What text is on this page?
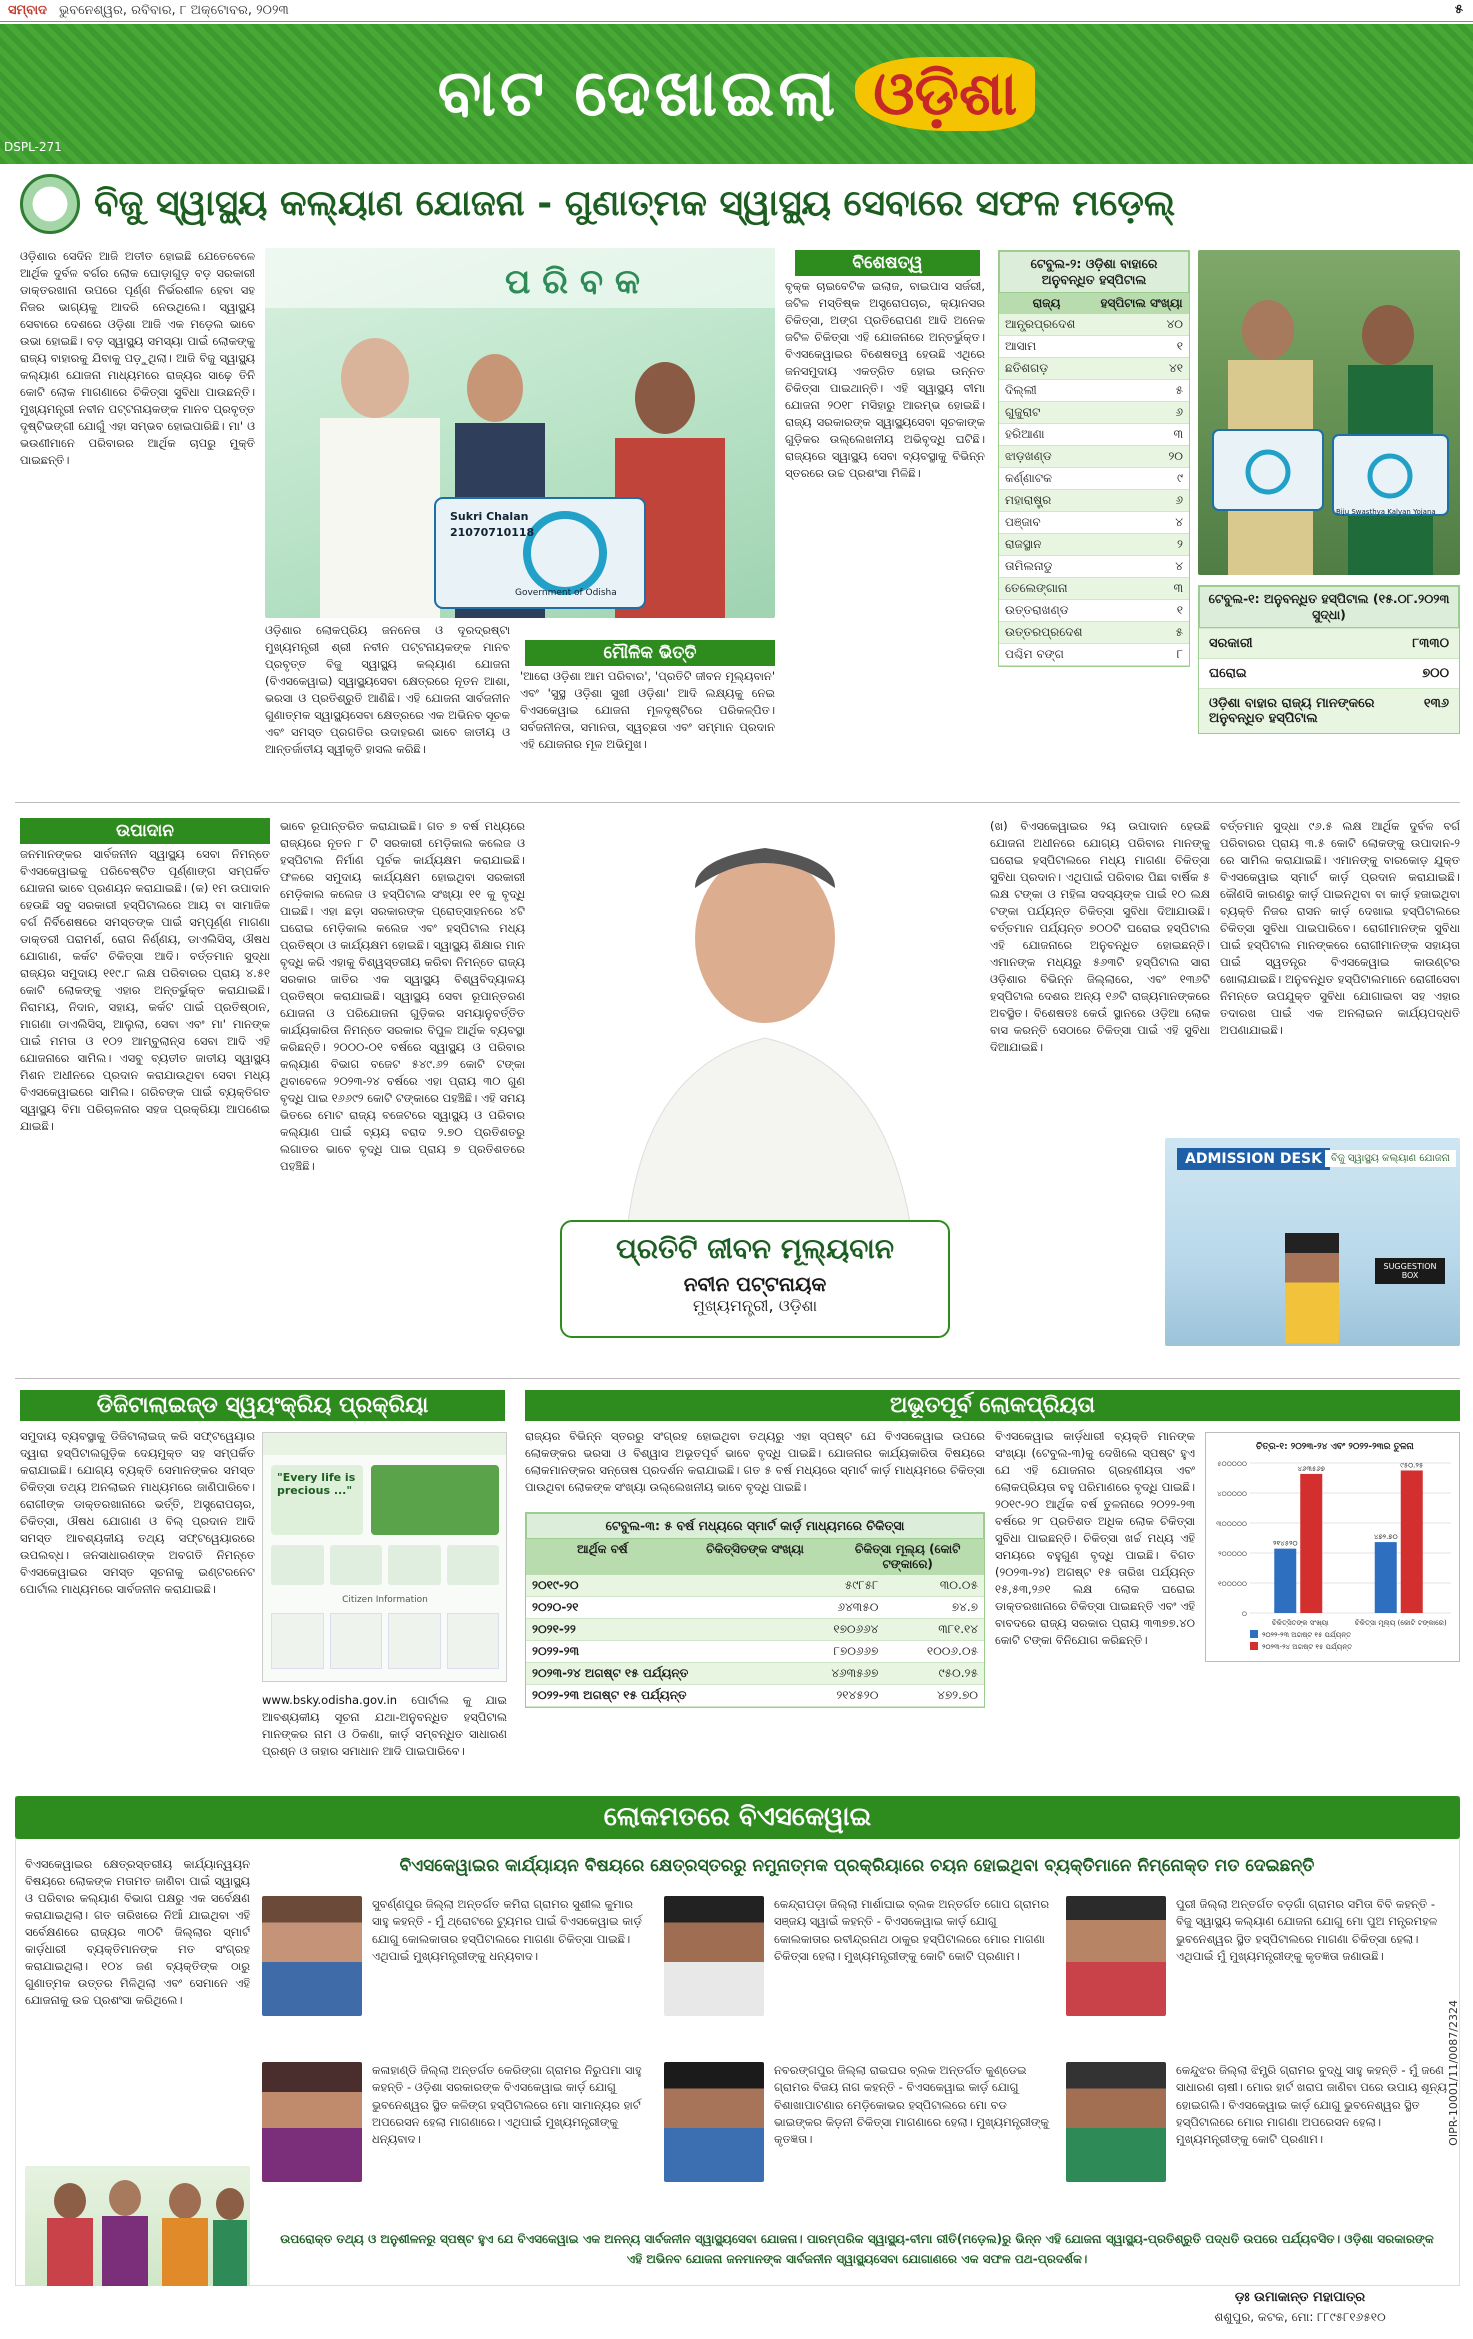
ସମ୍ବାଦ ଭୁବନେଶ୍ୱର, ରବିବାର, ୮ ଅକ୍ଟୋବର, ୨୦୨୩	୫
ବାଟ ଦେଖାଇଲା ଓଡ଼ିଶା
DSPL-271
ବିଜୁ ସ୍ୱାସ୍ଥ୍ୟ କଲ୍ୟାଣ ଯୋଜନା - ଗୁଣାତ୍ମକ ସ୍ୱାସ୍ଥ୍ୟ ସେବାରେ ସଫଳ ମଡ଼େଲ୍
ଓଡ଼ିଶାର ସେଦିନ ଆଜି ଅତୀତ ହୋଇଛି ଯେତେବେଳେ ଆର୍ଥିକ ଦୁର୍ବଳ ବର୍ଗର ଲୋକ ଘୋଡ଼ାଗୁଡ଼ ବଡ଼ ସରକାରୀ ଡାକ୍ତରଖାନା ଉପରେ ପୂର୍ଣ୍ଣ ନିର୍ଭରଶୀଳ ହେବା ସହ ନିଜର ଭାଗ୍ୟକୁ ଆଦରି ନେଉଥିଲେ। ସ୍ୱାସ୍ଥ୍ୟ ସେବାରେ ଦେଶରେ ଓଡ଼ିଶା ଆଜି ଏକ ମଡ଼େଲ ଭାବେ ଉଭା ହୋଇଛି। ବଡ଼ ସ୍ୱାସ୍ଥ୍ୟ ସମସ୍ୟା ପାଇଁ ଲୋକଙ୍କୁ ରାଜ୍ୟ ବାହାରକୁ ଯିବାକୁ ପଡ଼ୁଥିଲା। ଆଜି ବିଜୁ ସ୍ୱାସ୍ଥ୍ୟ କଲ୍ୟାଣ ଯୋଜନା ମାଧ୍ୟମରେ ରାଜ୍ୟର ସାଢ଼େ ତିନି କୋଟି ଲୋକ ମାଗଣାରେ ଚିକିତ୍ସା ସୁବିଧା ପାଉଛନ୍ତି। ମୁଖ୍ୟମନ୍ତ୍ରୀ ନବୀନ ପଟ୍ଟନାୟକଙ୍କ ମାନବ ପ୍ରବୃତ୍ତ ଦୃଷ୍ଟିଭଙ୍ଗୀ ଯୋଗୁଁ ଏହା ସମ୍ଭବ ହୋଇପାରିଛି। ମା' ଓ ଭଉଣୀମାନେ ପରିବାରର ଆର୍ଥିକ ଚାପରୁ ମୁକ୍ତି ପାଇଛନ୍ତି।
ପ ରି ବ କ
Sukri Chalan
21070710118
Government of Odisha
ଓଡ଼ିଶାର ଲୋକପ୍ରିୟ ଜନନେତା ଓ ଦୂରଦ୍ରଷ୍ଟା ମୁଖ୍ୟମନ୍ତ୍ରୀ ଶ୍ରୀ ନବୀନ ପଟ୍ଟନାୟକଙ୍କ ମାନବ ପ୍ରବୃତ୍ତ ବିଜୁ ସ୍ୱାସ୍ଥ୍ୟ କଲ୍ୟାଣ ଯୋଜନା (ବିଏସକେୱାଇ) ସ୍ୱାସ୍ଥ୍ୟସେବା କ୍ଷେତ୍ରରେ ନୂତନ ଆଶା, ଭରସା ଓ ପ୍ରତିଶ୍ରୁତି ଆଣିଛି। ଏହି ଯୋଜନା ସାର୍ବଜନୀନ ଗୁଣାତ୍ମକ ସ୍ୱାସ୍ଥ୍ୟସେବା କ୍ଷେତ୍ରରେ ଏକ ଅଭିନବ ସୂଚକ ଏବଂ ସମସ୍ତ ପ୍ରଗତିର ଉଦାହରଣ ଭାବେ ଜାତୀୟ ଓ ଆନ୍ତର୍ଜାତୀୟ ସ୍ୱୀକୃତି ହାସଲ କରିଛି।
ମୌଳିକ ଭିତ୍ତି
'ଆରୋ ଓଡ଼ିଶା ଆମ ପରିବାର', 'ପ୍ରତିଟି ଜୀବନ ମୂଲ୍ୟବାନ' ଏବଂ 'ସୁସ୍ଥ ଓଡ଼ିଶା ସୁଖୀ ଓଡ଼ିଶା' ଆଦି ଲକ୍ଷ୍ୟକୁ ନେଇ ବିଏସକେୱାଇ ଯୋଜନା ମୂଳଦୃଷ୍ଟିରେ ପରିକଳ୍ପିତ। ସର୍ବଜନୀନତା, ସମାନତା, ସ୍ୱଚ୍ଛତା ଏବଂ ସମ୍ମାନ ପ୍ରଦାନ ଏହି ଯୋଜନାର ମୂଳ ଅଭିମୁଖ।
ବିଶେଷତ୍ୱ
ବୃକ୍କ ଚାଇବେଟିକ ଇଲାଜ, ବାଇପାସ ସର୍ଜରୀ, ଜଟିଳ ମସ୍ତିଷ୍କ ଅସ୍ତ୍ରୋପଚାର, କ୍ୟାନସର ଚିକିତ୍ସା, ଅଙ୍ଗ ପ୍ରତିରୋପଣ ଆଦି ଅନେକ ଜଟିଳ ଚିକିତ୍ସା ଏହି ଯୋଜନାରେ ଅନ୍ତର୍ଭୁକ୍ତ। ବିଏସକେୱାଇର ବିଶେଷତ୍ୱ ହେଉଛି ଏଥିରେ ଜନସମୁଦାୟ ଏକତ୍ରିତ ହୋଇ ଉନ୍ନତ ଚିକିତ୍ସା ପାଇଥାନ୍ତି। ଏହି ସ୍ୱାସ୍ଥ୍ୟ ବୀମା ଯୋଜନା ୨୦୧୮ ମସିହାରୁ ଆରମ୍ଭ ହୋଇଛି। ରାଜ୍ୟ ସରକାରଙ୍କ ସ୍ୱାସ୍ଥ୍ୟସେବା ସୂଚକାଙ୍କ ଗୁଡ଼ିକର ଉଲ୍ଲେଖନୀୟ ଅଭିବୃଦ୍ଧି ଘଟିଛି। ରାଜ୍ୟରେ ସ୍ୱାସ୍ଥ୍ୟ ସେବା ବ୍ୟବସ୍ଥାକୁ ବିଭିନ୍ନ ସ୍ତରରେ ଉଚ୍ଚ ପ୍ରଶଂସା ମିଳିଛି।
ଟେବୁଲ-୨: ଓଡ଼ିଶା ବାହାରେ ଅନୁବନ୍ଧିତ ହସ୍ପିଟାଲ
ରାଜ୍ୟ	ହସ୍ପିଟାଲ ସଂଖ୍ୟା
ଆନ୍ଧ୍ରପ୍ରଦେଶ	୪୦
ଆସାମ	୧
ଛତିଶଗଡ଼	୪୧
ଦିଲ୍ଲୀ	୫
ଗୁଜୁରାଟ	୬
ହରିଆଣା	୩
ଝାଡ଼ଖଣ୍ଡ	୨୦
କର୍ଣ୍ଣାଟକ	୯
ମହାରାଷ୍ଟ୍ର	୬
ପଞ୍ଜାବ	୪
ରାଜସ୍ଥାନ	୨
ତାମିଲନାଡୁ	୪
ତେଲେଙ୍ଗାନା	୩
ଉତ୍ତରାଖଣ୍ଡ	୧
ଉତ୍ତରପ୍ରଦେଶ	୫
ପଶ୍ଚିମ ବଙ୍ଗ	୮
Biju Swasthya Kalyan Yojana
ଟେବୁଲ-୧: ଅନୁବନ୍ଧିତ ହସ୍ପିଟାଲ (୧୫.୦୮.୨୦୨୩ ସୁଦ୍ଧା)
ସରକାରୀ	୮୩୩୦
ଘରୋଇ	୭୦୦
ଓଡ଼ିଶା ବାହାର ରାଜ୍ୟ ମାନଙ୍କରେ ଅନୁବନ୍ଧିତ ହସ୍ପିଟାଲ
୧୩୬
ଉପାଦାନ
ଜନମାନଙ୍କର ସାର୍ବଜନୀନ ସ୍ୱାସ୍ଥ୍ୟ ସେବା ନିମନ୍ତେ ବିଏସକେୱାଇକୁ ପରିବେଷ୍ଟିତ ପୂର୍ଣ୍ଣାଙ୍ଗ ସମ୍ପର୍କିତ ଯୋଜନା ଭାବେ ପ୍ରଣୟନ କରାଯାଇଛି। (କ) ୧ମ ଉପାଦାନ ହେଉଛି ସବୁ ସରକାରୀ ହସ୍ପିଟାଲରେ ଆୟ ବା ସାମାଜିକ ବର୍ଗ ନିର୍ବିଶେଷରେ ସମସ୍ତଙ୍କ ପାଇଁ ସମ୍ପୂର୍ଣ୍ଣ ମାଗଣା ଡାକ୍ତରୀ ପରାମର୍ଶ, ରୋଗ ନିର୍ଣ୍ଣୟ, ଡାଏଲିସିସ୍, ଔଷଧ ଯୋଗାଣ, କର୍କଟ ଚିକିତ୍ସା ଆଦି। ବର୍ତ୍ତମାନ ସୁଦ୍ଧା ରାଜ୍ୟର ସମୁଦାୟ ୧୧୯.୮ ଲକ୍ଷ ପରିବାରର ପ୍ରାୟ ୪.୫୧ କୋଟି ଲୋକଙ୍କୁ ଏହାର ଅନ୍ତର୍ଭୁକ୍ତ କରାଯାଇଛି। ନିରାମୟ, ନିଦାନ, ସହାୟ, କର୍କଟ ପାଇଁ ପ୍ରତିଷ୍ଠାନ, ମାଗଣା ଡାଏଲିସିସ୍, ଆଲୁଲା, ସେବା ଏବଂ ମା' ମାନଙ୍କ ପାଇଁ ମମତା ଓ ୧୦୨ ଆମ୍ବୁଲାନ୍ସ ସେବା ଆଦି ଏହି ଯୋଜନାରେ ସାମିଲ। ଏସବୁ ବ୍ୟତୀତ ଜାତୀୟ ସ୍ୱାସ୍ଥ୍ୟ ମିଶନ ଅଧୀନରେ ପ୍ରଦାନ କରାଯାଉଥିବା ସେବା ମଧ୍ୟ ବିଏସକେୱାଇରେ ସାମିଲ। ଗରିବଙ୍କ ପାଇଁ ବ୍ୟକ୍ତିଗତ ସ୍ୱାସ୍ଥ୍ୟ ବିମା ପରିଚାଳନାର ସହଜ ପ୍ରକ୍ରିୟା ଆପଣେଇ ଯାଇଛି।
ଭାବେ ରୂପାନ୍ତରିତ କରାଯାଇଛି। ଗତ ୭ ବର୍ଷ ମଧ୍ୟରେ ରାଜ୍ୟରେ ନୂତନ ୮ ଟି ସରକାରୀ ମେଡ଼ିକାଲ କଲେଜ ଓ ହସ୍ପିଟାଲ ନିର୍ମାଣ ପୂର୍ବକ କାର୍ଯ୍ୟକ୍ଷମ କରାଯାଇଛି। ଫଳରେ ସମୁଦାୟ କାର୍ଯ୍ୟକ୍ଷମ ହୋଇଥିବା ସରକାରୀ ମେଡ଼ିକାଲ କଲେଜ ଓ ହସ୍ପିଟାଲ ସଂଖ୍ୟା ୧୧ କୁ ବୃଦ୍ଧି ପାଇଛି। ଏହା ଛଡ଼ା ସରକାରଙ୍କ ପ୍ରୋତ୍ସାହନରେ ୪ଟି ଘରୋଇ ମେଡ଼ିକାଲ କଲେଜ ଏବଂ ହସ୍ପିଟାଲ ମଧ୍ୟ ପ୍ରତିଷ୍ଠା ଓ କାର୍ଯ୍ୟକ୍ଷମ ହୋଇଛି। ସ୍ୱାସ୍ଥ୍ୟ ଶିକ୍ଷାର ମାନ ବୃଦ୍ଧି କରି ଏହାକୁ ବିଶ୍ୱସ୍ତରୀୟ କରିବା ନିମନ୍ତେ ରାଜ୍ୟ ସରକାର ଜାତିର ଏକ ସ୍ୱାସ୍ଥ୍ୟ ବିଶ୍ୱବିଦ୍ୟାଳୟ ପ୍ରତିଷ୍ଠା କରାଯାଇଛି। ସ୍ୱାସ୍ଥ୍ୟ ସେବା ରୂପାନ୍ତରଣ ଯୋଜନା ଓ ପରିଯୋଜନା ଗୁଡ଼ିକର ସମୟାନୁବର୍ତ୍ତିତ କାର୍ଯ୍ୟକାରିତା ନିମନ୍ତେ ସରକାର ବିପୁଳ ଆର୍ଥିକ ବ୍ୟବସ୍ଥା କରିଛନ୍ତି। ୨୦୦୦-୦୧ ବର୍ଷରେ ସ୍ୱାସ୍ଥ୍ୟ ଓ ପରିବାର କଲ୍ୟାଣ ବିଭାଗ ବଜେଟ ୫୪୯.୬୨ କୋଟି ଟଙ୍କା ଥିବାବେଳେ ୨୦୨୩-୨୪ ବର୍ଷରେ ଏହା ପ୍ରାୟ ୩୦ ଗୁଣ ବୃଦ୍ଧି ପାଇ ୧୬୬୯୨ କୋଟି ଟଙ୍କାରେ ପହଞ୍ଚିଛି। ଏହି ସମୟ ଭିତରେ ମୋଟ ରାଜ୍ୟ ବଜେଟରେ ସ୍ୱାସ୍ଥ୍ୟ ଓ ପରିବାର କଲ୍ୟାଣ ପାଇଁ ବ୍ୟୟ ବରାଦ ୨.୭୦ ପ୍ରତିଶତରୁ ଲଗାତର ଭାବେ ବୃଦ୍ଧି ପାଇ ପ୍ରାୟ ୭ ପ୍ରତିଶତରେ ପହଞ୍ଚିଛି।
ପ୍ରତିଟି ଜୀବନ ମୂଲ୍ୟବାନ
ନବୀନ ପଟ୍ଟନାୟକ
ମୁଖ୍ୟମନ୍ତ୍ରୀ, ଓଡ଼ିଶା
(ଖ) ବିଏସକେୱାଇର ୨ୟ ଉପାଦାନ ହେଉଛି ଯୋଜନା ଅଧୀନରେ ଯୋଗ୍ୟ ପରିବାର ମାନଙ୍କୁ ଘରୋଇ ହସ୍ପିଟାଲରେ ମଧ୍ୟ ମାଗଣା ଚିକିତ୍ସା ସୁବିଧା ପ୍ରଦାନ। ଏଥିପାଇଁ ପରିବାର ପିଛା ବାର୍ଷିକ ୫ ଲକ୍ଷ ଟଙ୍କା ଓ ମହିଳା ସଦସ୍ୟଙ୍କ ପାଇଁ ୧୦ ଲକ୍ଷ ଟଙ୍କା ପର୍ଯ୍ୟନ୍ତ ଚିକିତ୍ସା ସୁବିଧା ଦିଆଯାଉଛି। ବର୍ତ୍ତମାନ ପର୍ଯ୍ୟନ୍ତ ୭୦୦ଟି ଘରୋଇ ହସ୍ପିଟାଲ ଏହି ଯୋଜନାରେ ଅନୁବନ୍ଧିତ ହୋଇଛନ୍ତି। ଏମାନଙ୍କ ମଧ୍ୟରୁ ୫୬୩ଟି ହସ୍ପିଟାଲ ସାରା ଓଡ଼ିଶାର ବିଭିନ୍ନ ଜିଲ୍ଲାରେ, ଏବଂ ୧୩୬ଟି ହସ୍ପିଟାଲ ଦେଶର ଅନ୍ୟ ୧୬ଟି ରାଜ୍ୟମାନଙ୍କରେ ଅବସ୍ଥିତ। ବିଶେଷତଃ କେଉଁ ସ୍ଥାନରେ ଓଡ଼ିଆ ଲୋକ ବାସ କରନ୍ତି ସେଠାରେ ଚିକିତ୍ସା ପାଇଁ ଏହି ସୁବିଧା ଦିଆଯାଇଛି।
ବର୍ତ୍ତମାନ ସୁଦ୍ଧା ୯୬.୫ ଲକ୍ଷ ଆର୍ଥିକ ଦୁର୍ବଳ ବର୍ଗ ପରିବାରର ପ୍ରାୟ ୩.୫ କୋଟି ଲୋକଙ୍କୁ ଉପାଦାନ-୨ ରେ ସାମିଲ କରାଯାଇଛି। ଏମାନଙ୍କୁ ବାରକୋଡ଼ ଯୁକ୍ତ ବିଏସକେୱାଇ ସ୍ମାର୍ଟ କାର୍ଡ଼ ପ୍ରଦାନ କରାଯାଇଛି। କୌଣସି କାରଣରୁ କାର୍ଡ଼ ପାଇନଥିବା ବା କାର୍ଡ଼ ହଜାଇଥିବା ବ୍ୟକ୍ତି ନିଜର ରାସନ କାର୍ଡ଼ ଦେଖାଇ ହସ୍ପିଟାଲରେ ଚିକିତ୍ସା ସୁବିଧା ପାଇପାରିବେ। ରୋଗୀମାନଙ୍କ ସୁବିଧା ପାଇଁ ହସ୍ପିଟାଲ ମାନଙ୍କରେ ରୋଗୀମାନଙ୍କ ସହାୟତା ପାଇଁ ସ୍ୱତନ୍ତ୍ର ବିଏସକେୱାଇ କାଉଣ୍ଟର ଖୋଲାଯାଇଛି। ଅନୁବନ୍ଧିତ ହସ୍ପିଟାଲମାନେ ରୋଗୀସେବା ନିମନ୍ତେ ଉପଯୁକ୍ତ ସୁବିଧା ଯୋଗାଇବା ସହ ଏହାର ତଦାରଖ ପାଇଁ ଏକ ଅନଲାଇନ କାର୍ଯ୍ୟପଦ୍ଧତି ଅପଣାଯାଇଛି।
ADMISSION DESK ବିଜୁ ସ୍ୱାସ୍ଥ୍ୟ କଲ୍ୟାଣ ଯୋଜନା
SUGGESTION BOX
ଡିଜିଟାଲାଇଜ୍ଡ ସ୍ୱୟଂକ୍ରିୟ ପ୍ରକ୍ରିୟା
ସମୁଦାୟ ବ୍ୟବସ୍ଥାକୁ ଡିଜିଟାଲାଇଜ୍ କରି ସଫ୍ଟୱେୟାର ଦ୍ୱାରା ହସ୍ପିଟାଲଗୁଡ଼ିକ ଦେୟମୁକ୍ତ ସହ ସମ୍ପର୍କିତ କରାଯାଇଛି। ଯୋଗ୍ୟ ବ୍ୟକ୍ତି ସେମାନଙ୍କର ସମସ୍ତ ଚିକିତ୍ସା ତଥ୍ୟ ଅନଲାଇନ ମାଧ୍ୟମରେ ଜାଣିପାରିବେ। ରୋଗୀଙ୍କ ଡାକ୍ତରଖାନାରେ ଭର୍ତ୍ତି, ଅସ୍ତ୍ରୋପଚାର, ଚିକିତ୍ସା, ଔଷଧ ଯୋଗାଣ ଓ ବିଲ୍ ପ୍ରଦାନ ଆଦି ସମସ୍ତ ଆବଶ୍ୟକୀୟ ତଥ୍ୟ ସଫ୍ଟୱେୟାରରେ ଉପଲବ୍ଧ। ଜନସାଧାରଣଙ୍କ ଅବଗତି ନିମନ୍ତେ ବିଏସକେୱାଇର ସମସ୍ତ ସୂଚନାକୁ ଇଣ୍ଟରନେଟ ପୋର୍ଟାଲ ମାଧ୍ୟମରେ ସାର୍ବଜନୀନ କରାଯାଇଛି।
"Every life is precious ..."
Citizen Information
www.bsky.odisha.gov.in ପୋର୍ଟାଲ କୁ ଯାଇ ଆବଶ୍ୟକୀୟ ସୂଚନା ଯଥା-ଅନୁବନ୍ଧିତ ହସ୍ପିଟାଲ ମାନଙ୍କର ନାମ ଓ ଠିକଣା, କାର୍ଡ଼ ସମ୍ବନ୍ଧିତ ସାଧାରଣ ପ୍ରଶ୍ନ ଓ ତାହାର ସମାଧାନ ଆଦି ପାଇପାରିବେ।
ଅଭୂତପୂର୍ବ ଲୋକପ୍ରିୟତା
ରାଜ୍ୟର ବିଭିନ୍ନ ସ୍ତରରୁ ସଂଗ୍ରହ ହୋଇଥିବା ତଥ୍ୟରୁ ଏହା ସ୍ପଷ୍ଟ ଯେ ବିଏସକେୱାଇ ଉପରେ ଲୋକଙ୍କର ଭରସା ଓ ବିଶ୍ୱାସ ଅଭୂତପୂର୍ବ ଭାବେ ବୃଦ୍ଧି ପାଇଛି। ଯୋଜନାର କାର୍ଯ୍ୟକାରିତା ବିଷୟରେ ଲୋକମାନଙ୍କର ସନ୍ତୋଷ ପ୍ରଦର୍ଶନ କରାଯାଇଛି। ଗତ ୫ ବର୍ଷ ମଧ୍ୟରେ ସ୍ମାର୍ଟ କାର୍ଡ଼ ମାଧ୍ୟମରେ ଚିକିତ୍ସା ପାଉଥିବା ଲୋକଙ୍କ ସଂଖ୍ୟା ଉଲ୍ଲେଖନୀୟ ଭାବେ ବୃଦ୍ଧି ପାଇଛି।
ଟେବୁଲ-୩: ୫ ବର୍ଷ ମଧ୍ୟରେ ସ୍ମାର୍ଟ କାର୍ଡ଼ ମାଧ୍ୟମରେ ଚିକିତ୍ସା
ଆର୍ଥିକ ବର୍ଷ	ଚିକିତ୍ସିତଙ୍କ ସଂଖ୍ୟା	ଚିକିତ୍ସା ମୂଲ୍ୟ (କୋଟି ଟଙ୍କାରେ)
୨୦୧୯-୨୦	୫୯୮୫୮	୩୦.୦୫
୨୦୨୦-୨୧	୬୪୩୫୦	୭୪.୭
୨୦୨୧-୨୨	୧୭୦୬୬୪	୩୮୧.୧୪
୨୦୨୨-୨୩	୮୭୦୬୬୭	୧୦୦୬.୦୫
୨୦୨୩-୨୪ ଅଗଷ୍ଟ ୧୫ ପର୍ଯ୍ୟନ୍ତ	୪୬୩୫୬୭	୯୫୦.୨୫
୨୦୨୨-୨୩ ଅଗଷ୍ଟ ୧୫ ପର୍ଯ୍ୟନ୍ତ	୨୧୪୫୨୦	୪୭୨.୭୦
ବିଏସକେୱାଇ କାର୍ଡ଼ଧାରୀ ବ୍ୟକ୍ତି ମାନଙ୍କ ସଂଖ୍ୟା (ଟେବୁଲ-୩)କୁ ଦେଖିଲେ ସ୍ପଷ୍ଟ ହୁଏ ଯେ ଏହି ଯୋଜନାର ଗ୍ରହଣୀୟତା ଏବଂ ଲୋକପ୍ରିୟତା ବହୁ ପରିମାଣରେ ବୃଦ୍ଧି ପାଇଛି। ୨୦୧୯-୨୦ ଆର୍ଥିକ ବର୍ଷ ତୁଳନାରେ ୨୦୨୨-୨୩ ବର୍ଷରେ ୨୮ ପ୍ରତିଶତ ଅଧିକ ଲୋକ ଚିକିତ୍ସା ସୁବିଧା ପାଇଛନ୍ତି। ଚିକିତ୍ସା ଖର୍ଚ୍ଚ ମଧ୍ୟ ଏହି ସମୟରେ ବହୁଗୁଣ ବୃଦ୍ଧି ପାଇଛି। ବିଗତ (୨୦୨୩-୨୪) ଅଗଷ୍ଟ ୧୫ ତାରିଖ ପର୍ଯ୍ୟନ୍ତ ୧୫,୫୩,୨୬୧ ଲକ୍ଷ ଲୋକ ଘରୋଇ ଡାକ୍ତରଖାନାରେ ଚିକିତ୍ସା ପାଇଛନ୍ତି ଏବଂ ଏହି ବାବଦରେ ରାଜ୍ୟ ସରକାର ପ୍ରାୟ ୩୩୭୭.୪୦ କୋଟି ଟଙ୍କା ବିନିଯୋଗ କରିଛନ୍ତି।
ଚିତ୍ର-୧: ୨୦୨୩-୨୪ ଏବଂ ୨୦୨୨-୨୩ର ତୁଳନା
୫୦୦୦୦୦
୪୦୦୦୦୦
୩୦୦୦୦୦
୨୦୦୦୦୦
୧୦୦୦୦୦
୦
୨୧୪୫୨୦
୪୬୩୫୬୭
ଚିକିତ୍ସିତଙ୍କ ସଂଖ୍ୟା
୪୭୨.୭୦
୯୫୦.୨୫
ଚିକିତ୍ସା ମୂଲ୍ୟ (କୋଟି ଟଙ୍କାରେ)
୨୦୨୨-୨୩ ଅଗଷ୍ଟ ୧୫ ପର୍ଯ୍ୟନ୍ତ
୨୦୨୩-୨୪ ଅଗଷ୍ଟ ୧୫ ପର୍ଯ୍ୟନ୍ତ
ଲୋକମତରେ ବିଏସକେୱାଇ
ବିଏସକେୱାଇର କ୍ଷେତ୍ରସ୍ତରୀୟ କାର୍ଯ୍ୟାନ୍ୱୟନ ବିଷୟରେ ଲୋକଙ୍କ ମତାମତ ଜାଣିବା ପାଇଁ ସ୍ୱାସ୍ଥ୍ୟ ଓ ପରିବାର କଲ୍ୟାଣ ବିଭାଗ ପକ୍ଷରୁ ଏକ ସର୍ବେକ୍ଷଣ କରାଯାଇଥିଲା। ଗତ ତାରିଖରେ ନିଆଁ ଯାଇଥିବା ଏହି ସର୍ବେକ୍ଷଣରେ ରାଜ୍ୟର ୩୦ଟି ଜିଲ୍ଲାର ସ୍ମାର୍ଟ କାର୍ଡ଼ଧାରୀ ବ୍ୟକ୍ତିମାନଙ୍କ ମତ ସଂଗ୍ରହ କରାଯାଇଥିଲା। ୧୦୪ ଜଣ ବ୍ୟକ୍ତିଙ୍କ ଠାରୁ ଗୁଣାତ୍ମକ ଉତ୍ତର ମିଳିଥିଲା ଏବଂ ସେମାନେ ଏହି ଯୋଜନାକୁ ଉଚ୍ଚ ପ୍ରଶଂସା କରିଥିଲେ।
ବିଏସକେୱାଇର କାର୍ଯ୍ୟାୟନ ବିଷୟରେ କ୍ଷେତ୍ରସ୍ତରରୁ ନମୁନାତ୍ମକ ପ୍ରକ୍ରିୟାରେ ଚୟନ ହୋଇଥିବା ବ୍ୟକ୍ତିମାନେ ନିମ୍ନୋକ୍ତ ମତ ଦେଇଛନ୍ତି
ସୁବର୍ଣ୍ଣପୁର ଜିଲ୍ଲା ଅନ୍ତର୍ଗତ କମିରା ଗ୍ରାମର ସୁଶୀଲ କୁମାର ସାହୁ କହନ୍ତି - ମୁଁ ଥ୍ରୋଟରେ ଟ୍ୟୁମର ପାଇଁ ବିଏସକେୱାଇ କାର୍ଡ଼ ଯୋଗୁ କୋଲକାତାର ହସ୍ପିଟାଲରେ ମାଗଣା ଚିକିତ୍ସା ପାଇଛି। ଏଥିପାଇଁ ମୁଖ୍ୟମନ୍ତ୍ରୀଙ୍କୁ ଧନ୍ୟବାଦ।
କେନ୍ଦ୍ରାପଡ଼ା ଜିଲ୍ଲା ମାର୍ଶାଘାଇ ବ୍ଲକ ଅନ୍ତର୍ଗତ ଗୋପ ଗ୍ରାମର ସଞ୍ଜୟ ସ୍ୱାଇଁ କହନ୍ତି - ବିଏସକେୱାଇ କାର୍ଡ଼ ଯୋଗୁ କୋଲକାତାର ରବୀନ୍ଦ୍ରନାଥ ଠାକୁର ହସ୍ପିଟାଲରେ ମୋର ମାଗଣା ଚିକିତ୍ସା ହେଲା। ମୁଖ୍ୟମନ୍ତ୍ରୀଙ୍କୁ କୋଟି କୋଟି ପ୍ରଣାମ।
ପୁରୀ ଜିଲ୍ଲା ଅନ୍ତର୍ଗତ ବଡ଼ଗାଁ ଗ୍ରାମର ସମିତା ବିବି କହନ୍ତି - ବିଜୁ ସ୍ୱାସ୍ଥ୍ୟ କଲ୍ୟାଣ ଯୋଜନା ଯୋଗୁ ମୋ ପୁଅ ମନ୍ତ୍ରମହଳ ଭୁବନେଶ୍ୱର ସ୍ଥିତ ହସ୍ପିଟାଲରେ ମାଗଣା ଚିକିତ୍ସା ହେଲା। ଏଥିପାଇଁ ମୁଁ ମୁଖ୍ୟମନ୍ତ୍ରୀଙ୍କୁ କୃତଜ୍ଞତା ଜଣାଉଛି।
କଳାହାଣ୍ଡି ଜିଲ୍ଲା ଅନ୍ତର୍ଗତ କେରିଙ୍ଗା ଗ୍ରାମର ନିରୁପମା ସାହୁ କହନ୍ତି - ଓଡ଼ିଶା ସରକାରଙ୍କ ବିଏସକେୱାଇ କାର୍ଡ଼ ଯୋଗୁ ଭୁବନେଶ୍ୱର ସ୍ଥିତ କଳିଙ୍ଗ ହସ୍ପିଟାଲରେ ମୋ ସାମାନ୍ୟର ହାର୍ଟ ଅପରେସନ ହେଲା ମାଗଣାରେ। ଏଥିପାଇଁ ମୁଖ୍ୟମନ୍ତ୍ରୀଙ୍କୁ ଧନ୍ୟବାଦ।
ନବରଙ୍ଗପୁର ଜିଲ୍ଲା ରାଇଘର ବ୍ଲକ ଅନ୍ତର୍ଗତ କୁଣ୍ଡେଇ ଗ୍ରାମର ବିଜୟ ନାଗ କହନ୍ତି - ବିଏସକେୱାଇ କାର୍ଡ଼ ଯୋଗୁ ବିଶାଖାପାଟଣାର ମେଡ଼ିକୋଭର ହସ୍ପିଟାଲରେ ମୋ ବଡ ଭାଇଙ୍କର କିଡ଼ନୀ ଚିକିତ୍ସା ମାଗଣାରେ ହେଲା। ମୁଖ୍ୟମନ୍ତ୍ରୀଙ୍କୁ କୃତଜ୍ଞତା।
କେନ୍ଦୁଝର ଜିଲ୍ଲା ଝିମ୍ପ୍ରି ଗ୍ରାମର ବୁଦ୍ଧୁ ସାହୁ କହନ୍ତି - ମୁଁ ଜଣେ ସାଧାରଣ ଚାଷୀ। ମୋର ହାର୍ଟ ଖରାପ ଜାଣିବା ପରେ ଉପାୟ ଶୂନ୍ୟ ହୋଇଗଲି। ବିଏସକେୱାଇ କାର୍ଡ଼ ଯୋଗୁ ଭୁବନେଶ୍ୱର ସ୍ଥିତ ହସ୍ପିଟାଲରେ ମୋର ମାଗଣା ଅପରେସନ ହେଲା। ମୁଖ୍ୟମନ୍ତ୍ରୀଙ୍କୁ କୋଟି ପ୍ରଣାମ।
ଉପରୋକ୍ତ ତଥ୍ୟ ଓ ଅନୁଶୀଳନରୁ ସ୍ପଷ୍ଟ ହୁଏ ଯେ ବିଏସକେୱାଇ ଏକ ଅନନ୍ୟ ସାର୍ବଜନୀନ ସ୍ୱାସ୍ଥ୍ୟସେବା ଯୋଜନା। ପାରମ୍ପରିକ ସ୍ୱାସ୍ଥ୍ୟ-ବୀମା ରୀତି(ମଡ଼େଲ)ରୁ ଭିନ୍ନ ଏହି ଯୋଜନା ସ୍ୱାସ୍ଥ୍ୟ-ପ୍ରତିଶ୍ରୁତି ପଦ୍ଧତି ଉପରେ ପର୍ଯ୍ୟବସିତ। ଓଡ଼ିଶା ସରକାରଙ୍କ
ଏହି ଅଭିନବ ଯୋଜନା ଜନମାନଙ୍କ ସାର୍ବଜନୀନ ସ୍ୱାସ୍ଥ୍ୟସେବା ଯୋଗାଣରେ ଏକ ସଫଳ ପଥ-ପ୍ରଦର୍ଶକ।
ଡ଼ଃ ଉମାକାନ୍ତ ମହାପାତ୍ର
ଶଶୁପୁର, କଟକ, ମୋ: ୮୮୯୫୮୧୬୫୧୦
OIPR-10001/11/0087/2324
